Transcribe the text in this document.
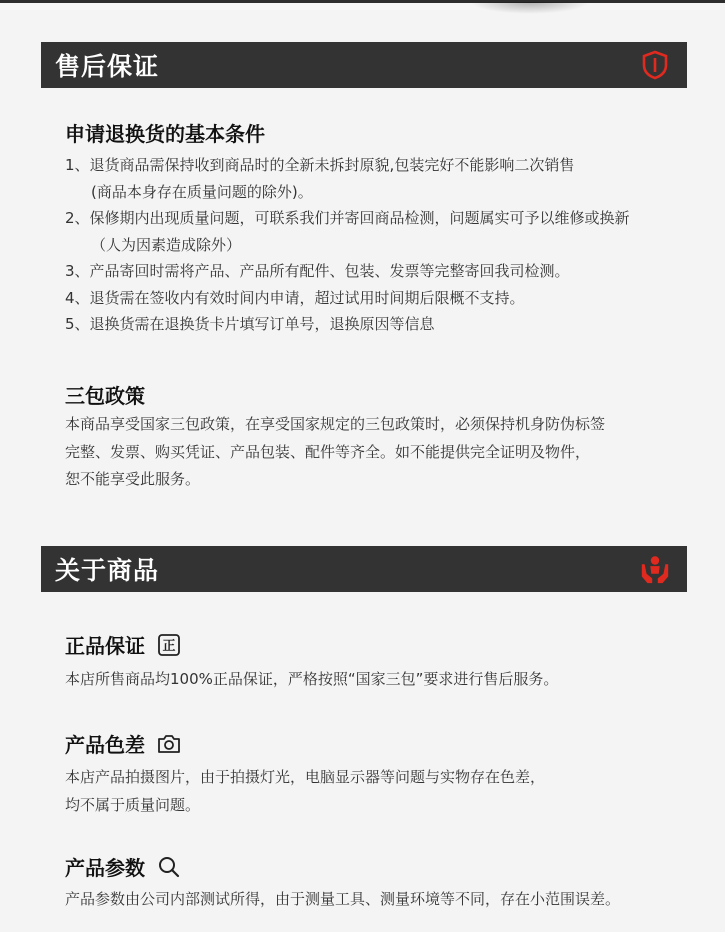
售后保证
申请退换货的基本条件
1、退货商品需保持收到商品时的全新未拆封原貌,包装完好不能影响二次销售
(商品本身存在质量问题的除外)。
2、保修期内出现质量问题，可联系我们并寄回商品检测，问题属实可予以维修或换新
（人为因素造成除外）
3、产品寄回时需将产品、产品所有配件、包装、发票等完整寄回我司检测。
4、退货需在签收内有效时间内申请，超过试用时间期后限概不支持。
5、退换货需在退换货卡片填写订单号，退换原因等信息
三包政策
本商品享受国家三包政策，在享受国家规定的三包政策时，必须保持机身防伪标签
完整、发票、购买凭证、产品包装、配件等齐全。如不能提供完全证明及物件，
恕不能享受此服务。
关于商品
正品保证 正
本店所售商品均100%正品保证，严格按照“国家三包”要求进行售后服务。
产品色差
本店产品拍摄图片，由于拍摄灯光，电脑显示器等问题与实物存在色差，
均不属于质量问题。
产品参数
产品参数由公司内部测试所得，由于测量工具、测量环境等不同，存在小范围误差。
